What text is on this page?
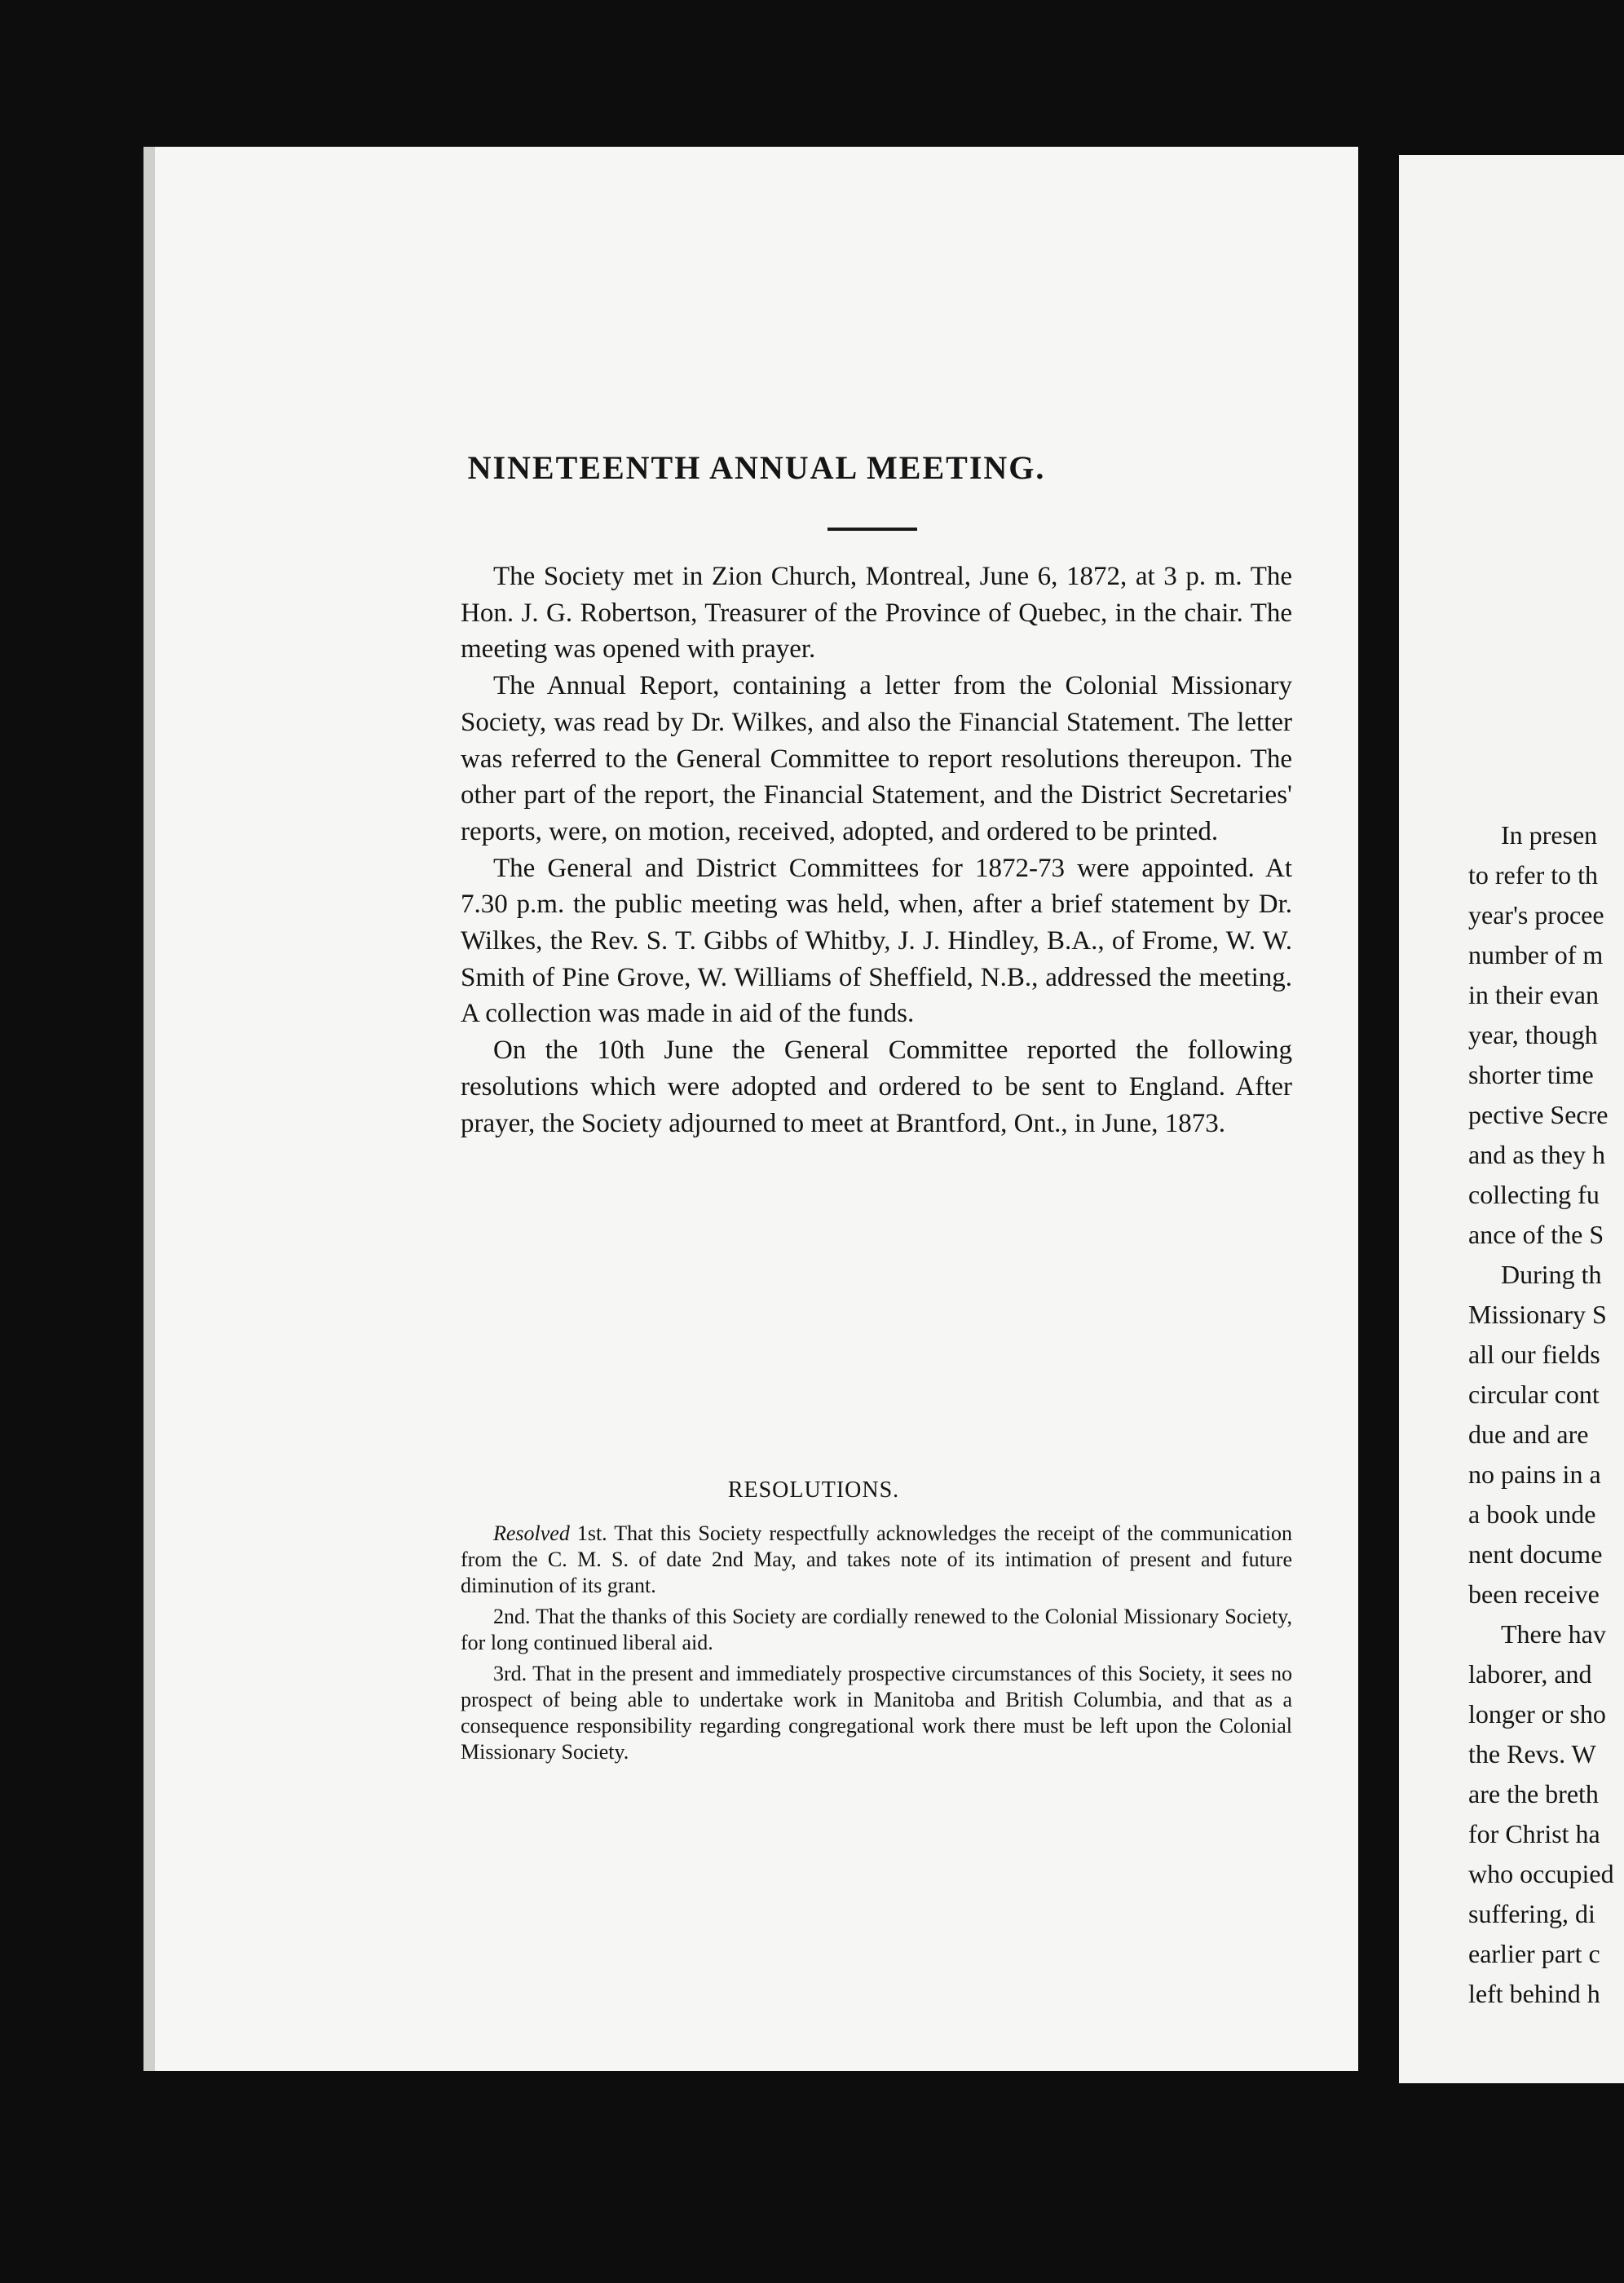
NINETEENTH ANNUAL MEETING.

The Society met in Zion Church, Montreal, June 6, 1872, at 3 p. m. The Hon. J. G. Robertson, Treasurer of the Province of Quebec, in the chair. The meeting was opened with prayer.

The Annual Report, containing a letter from the Colonial Missionary Society, was read by Dr. Wilkes, and also the Financial Statement. The letter was referred to the General Committee to report resolutions thereupon. The other part of the report, the Financial Statement, and the District Secretaries' reports, were, on motion, received, adopted, and ordered to be printed.

The General and District Committees for 1872-73 were appointed. At 7.30 p.m. the public meeting was held, when, after a brief statement by Dr. Wilkes, the Rev. S. T. Gibbs of Whitby, J. J. Hindley, B.A., of Frome, W. W. Smith of Pine Grove, W. Williams of Sheffield, N.B., addressed the meeting. A collection was made in aid of the funds.

On the 10th June the General Committee reported the following resolutions which were adopted and ordered to be sent to England. After prayer, the Society adjourned to meet at Brantford, Ont., in June, 1873.

RESOLUTIONS.

Resolved 1st. That this Society respectfully acknowledges the receipt of the communication from the C. M. S. of date 2nd May, and takes note of its intimation of present and future diminution of its grant.

2nd. That the thanks of this Society are cordially renewed to the Colonial Missionary Society, for long continued liberal aid.

3rd. That in the present and immediately prospective circumstances of this Society, it sees no prospect of being able to undertake work in Manitoba and British Columbia, and that as a consequence responsibility regarding congregational work there must be left upon the Colonial Missionary Society.

In presen
to refer to th
year's procee
number of m
in their evan
year, though
shorter time
pective Secre
and as they h
collecting fu
ance of the S
During th
Missionary S
all our fields
circular cont
due and are
no pains in a
a book unde
nent docume
been receive
There hav
laborer, and
longer or sho
the Revs. W
are the breth
for Christ ha
who occupied
suffering, di
earlier part c
left behind h
